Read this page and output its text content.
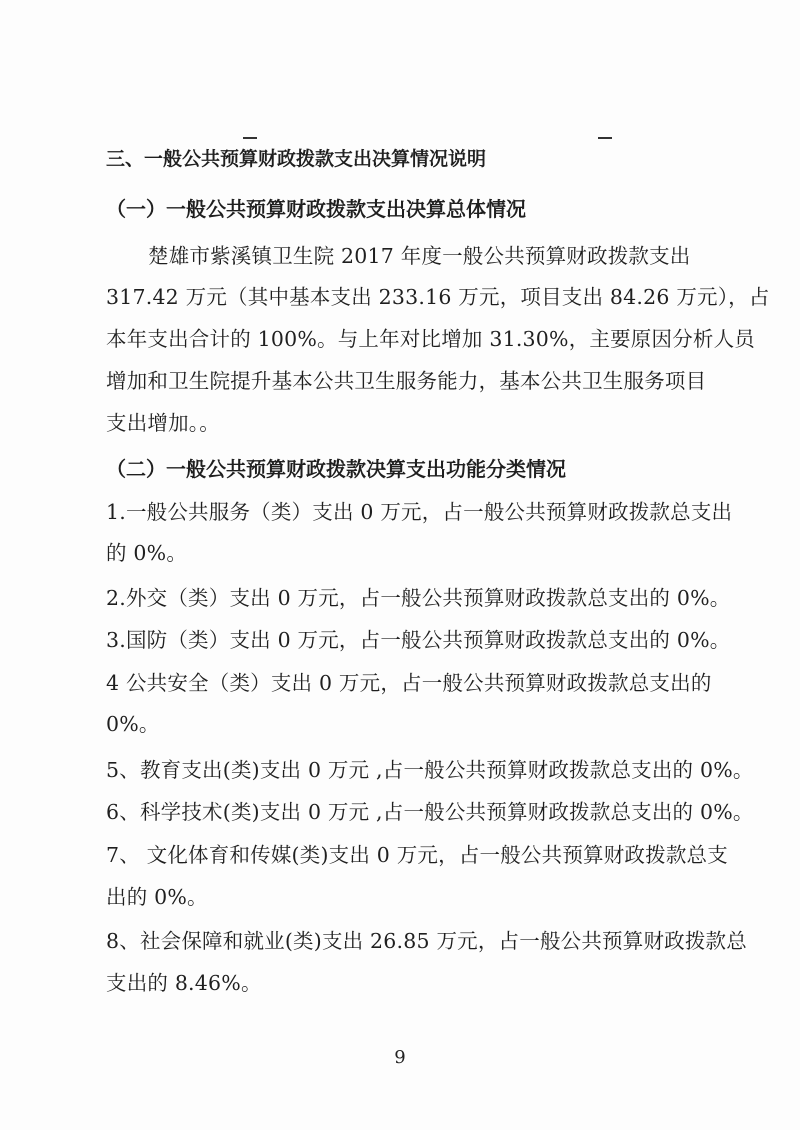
三、一般公共预算财政拨款支出决算情况说明
（一）一般公共预算财政拨款支出决算总体情况
楚雄市紫溪镇卫生院 2017 年度一般公共预算财政拨款支出
317.42 万元（其中基本支出 233.16 万元，项目支出 84.26 万元），占
本年支出合计的 100%。与上年对比增加 31.30%，主要原因分析人员
增加和卫生院提升基本公共卫生服务能力，基本公共卫生服务项目
支出增加。。
（二）一般公共预算财政拨款决算支出功能分类情况
1.一般公共服务（类）支出 0 万元，占一般公共预算财政拨款总支出
的 0%。
2.外交（类）支出 0 万元，占一般公共预算财政拨款总支出的 0%。
3.国防（类）支出 0 万元，占一般公共预算财政拨款总支出的 0%。
4 公共安全（类）支出 0 万元，占一般公共预算财政拨款总支出的
0%。
5、教育支出(类)支出 0 万元 ,占一般公共预算财政拨款总支出的 0%。
6、科学技术(类)支出 0 万元 ,占一般公共预算财政拨款总支出的 0%。
7、 文化体育和传媒(类)支出 0 万元，占一般公共预算财政拨款总支
出的 0%。
8、社会保障和就业(类)支出 26.85 万元，占一般公共预算财政拨款总
支出的 8.46%。
9
